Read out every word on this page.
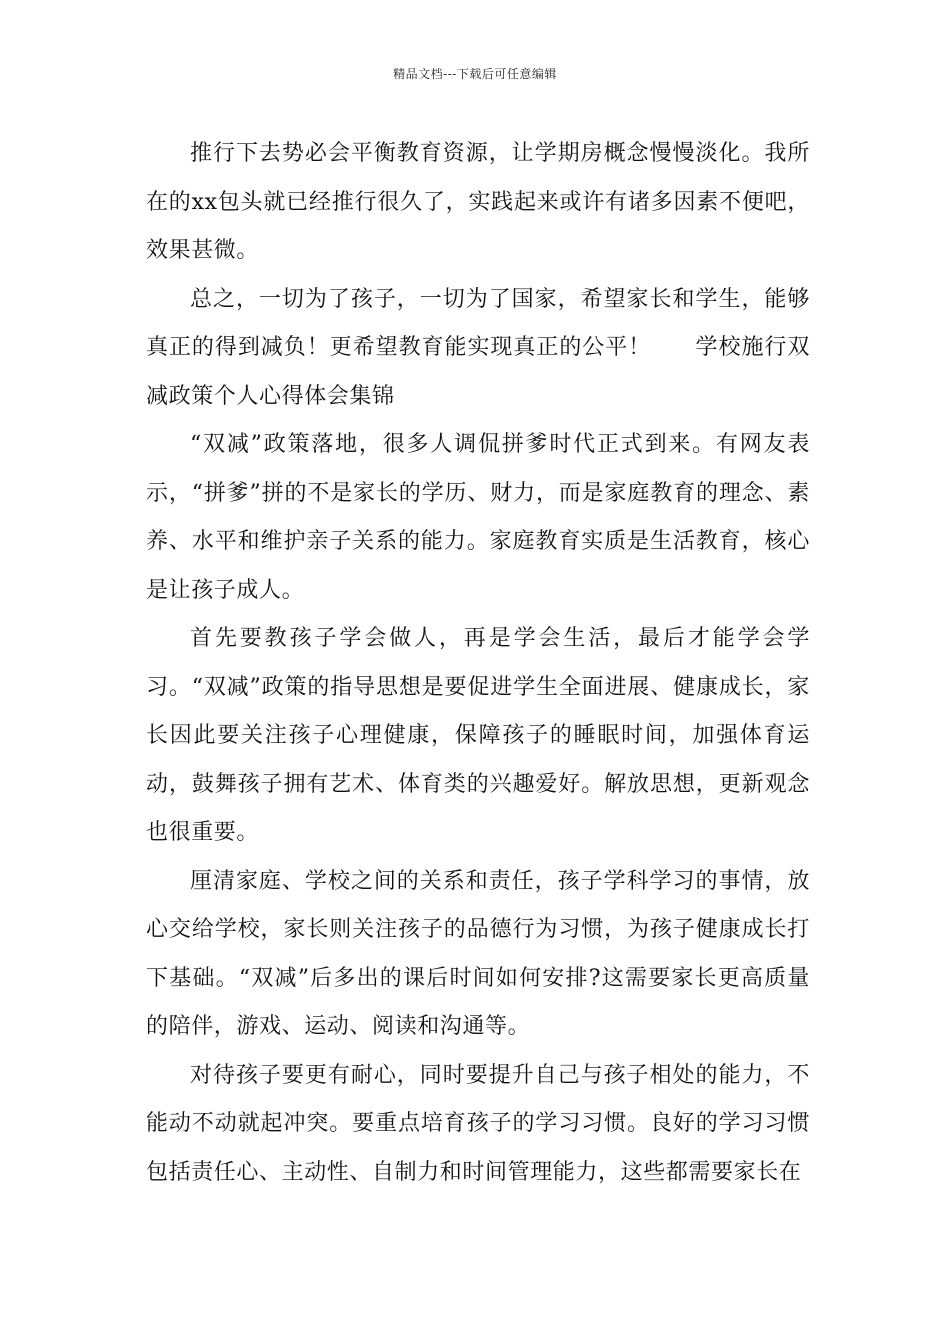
精品文档---下载后可任意编辑

推行下去势必会平衡教育资源，让学期房概念慢慢淡化。我所在的xx包头就已经推行很久了，实践起来或许有诸多因素不便吧，效果甚微。

总之，一切为了孩子，一切为了国家，希望家长和学生，能够真正的得到减负！更希望教育能实现真正的公平！ 学校施行双减政策个人心得体会集锦

“双减”政策落地，很多人调侃拼爹时代正式到来。有网友表示，“拼爹”拼的不是家长的学历、财力，而是家庭教育的理念、素养、水平和维护亲子关系的能力。家庭教育实质是生活教育，核心是让孩子成人。

首先要教孩子学会做人，再是学会生活，最后才能学会学习。“双减”政策的指导思想是要促进学生全面进展、健康成长，家长因此要关注孩子心理健康，保障孩子的睡眠时间，加强体育运动，鼓舞孩子拥有艺术、体育类的兴趣爱好。解放思想，更新观念也很重要。

厘清家庭、学校之间的关系和责任，孩子学科学习的事情，放心交给学校，家长则关注孩子的品德行为习惯，为孩子健康成长打下基础。“双减”后多出的课后时间如何安排?这需要家长更高质量的陪伴，游戏、运动、阅读和沟通等。

对待孩子要更有耐心，同时要提升自己与孩子相处的能力，不能动不动就起冲突。要重点培育孩子的学习习惯。良好的学习习惯包括责任心、主动性、自制力和时间管理能力，这些都需要家长在
